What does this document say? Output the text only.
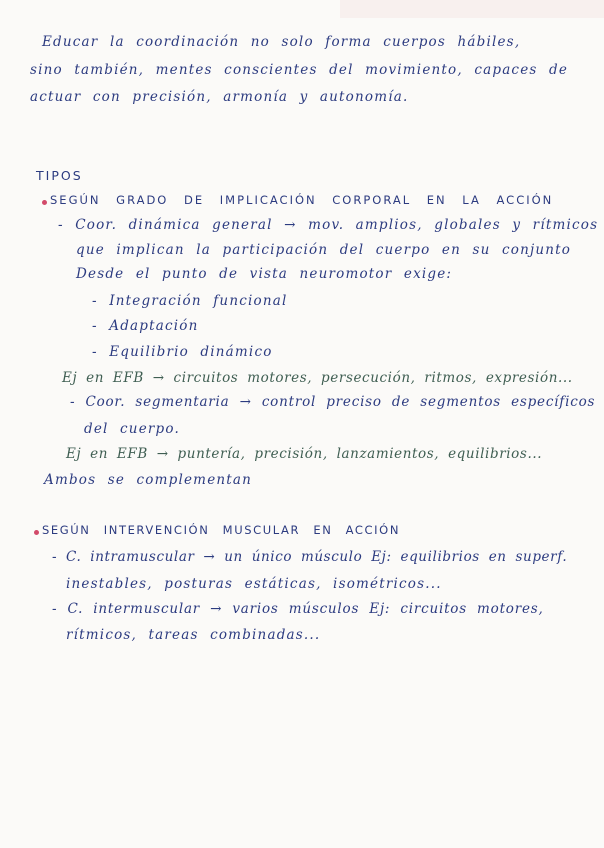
Educar la coordinación no solo forma cuerpos hábiles,
sino también, mentes conscientes del movimiento, capaces de
actuar con precisión, armonía y autonomía.
TIPOS
SEGÚN GRADO DE IMPLICACIÓN CORPORAL EN LA ACCIÓN
- Coor. dinámica general → mov. amplios, globales y rítmicos
que implican la participación del cuerpo en su conjunto
Desde el punto de vista neuromotor exige:
- Integración funcional
- Adaptación
- Equilibrio dinámico
Ej en EFB → circuitos motores, persecución, ritmos, expresión...
- Coor. segmentaria → control preciso de segmentos específicos
del cuerpo.
Ej en EFB → puntería, precisión, lanzamientos, equilibrios...
Ambos se complementan
SEGÚN INTERVENCIÓN MUSCULAR EN ACCIÓN
- C. intramuscular → un único músculo Ej: equilibrios en superf.
inestables, posturas estáticas, isométricos...
- C. intermuscular → varios músculos Ej: circuitos motores,
rítmicos, tareas combinadas...
